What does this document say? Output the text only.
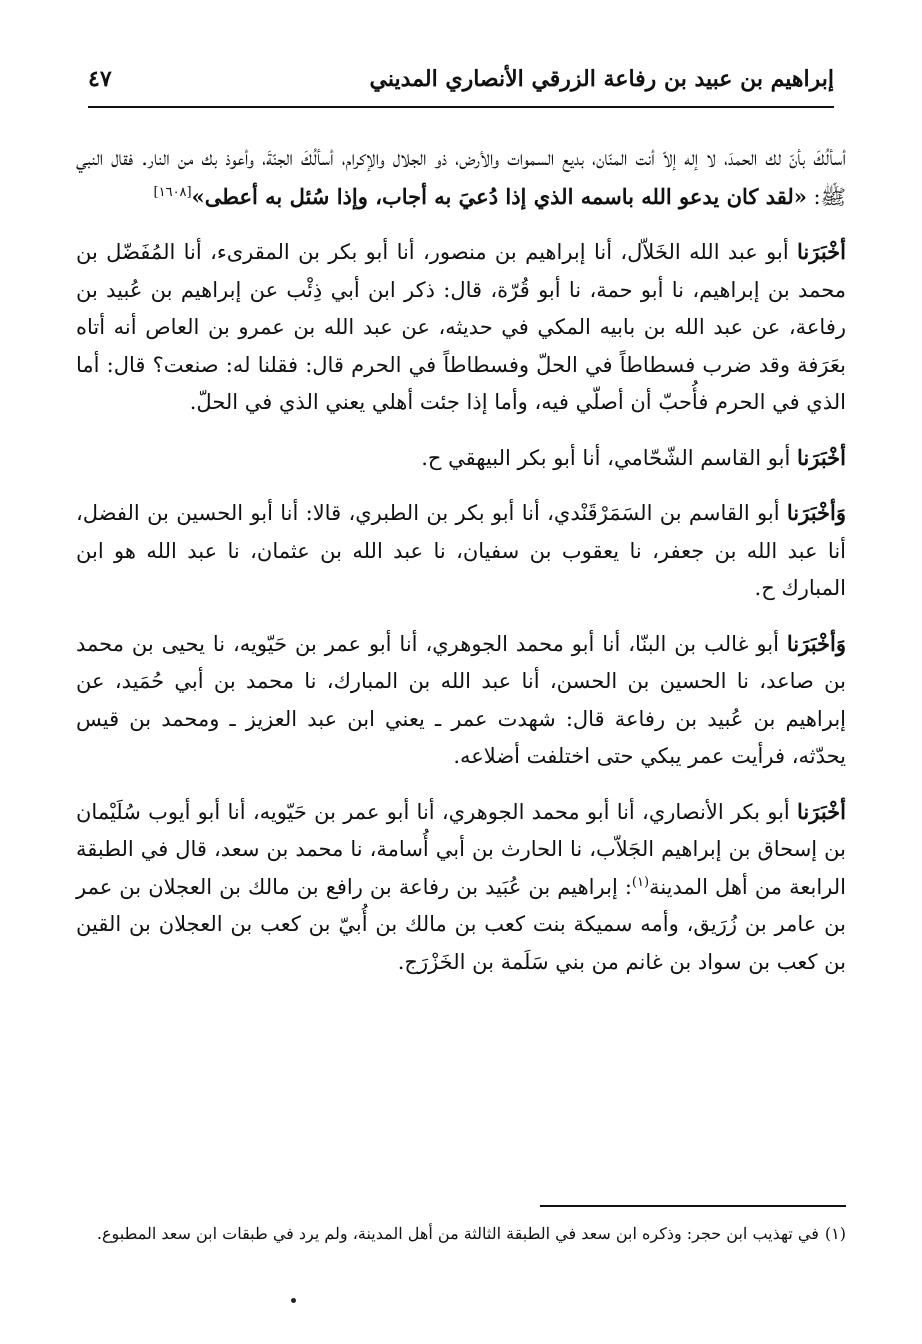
إبراهيم بن عبيد بن رفاعة الزرقي الأنصاري المديني
٤٧

أسألُكَ بأنّ لك الحمدَ، لا إله إلاّ أنت المنّان، بديع السموات والأرض، ذو الجلال والإكرام، أسألُكَ الجنّةَ، وأعوذ بك من النار. فقال النبي ﷺ: «لقد كان يدعو الله باسمه الذي إذا دُعيَ به أجاب، وإذا سُئل به أعطى»[١٦٠٨]

أخْبَرَنا أبو عبد الله الخَلاّل، أنا إبراهيم بن منصور، أنا أبو بكر بن المقرىء، أنا المُفَضّل بن محمد بن إبراهيم، نا أبو حمة، نا أبو قُرّة، قال: ذكر ابن أبي ذِئْب عن إبراهيم بن عُبيد بن رفاعة، عن عبد الله بن بابيه المكي في حديثه، عن عبد الله بن عمرو بن العاص أنه أتاه بعَرَفة وقد ضرب فسطاطاً في الحلّ وفسطاطاً في الحرم قال: فقلنا له: صنعت؟ قال: أما الذي في الحرم فأُحبّ أن أصلّي فيه، وأما إذا جئت أهلي يعني الذي في الحلّ.

أخْبَرَنا أبو القاسم الشّحّامي، أنا أبو بكر البيهقي ح.

وَأخْبَرَنا أبو القاسم بن السَمَرْقَنْدي، أنا أبو بكر بن الطبري، قالا: أنا أبو الحسين بن الفضل، أنا عبد الله بن جعفر، نا يعقوب بن سفيان، نا عبد الله بن عثمان، نا عبد الله هو ابن المبارك ح.

وَأخْبَرَنا أبو غالب بن البنّا، أنا أبو محمد الجوهري، أنا أبو عمر بن حَيّويه، نا يحيى بن محمد بن صاعد، نا الحسين بن الحسن، أنا عبد الله بن المبارك، نا محمد بن أبي حُمَيد، عن إبراهيم بن عُبيد بن رفاعة قال: شهدت عمر ـ يعني ابن عبد العزيز ـ ومحمد بن قيس يحدّثه، فرأيت عمر يبكي حتى اختلفت أضلاعه.

أخْبَرَنا أبو بكر الأنصاري، أنا أبو محمد الجوهري، أنا أبو عمر بن حَيّويه، أنا أبو أيوب سُلَيْمان بن إسحاق بن إبراهيم الجَلاّب، نا الحارث بن أبي أُسامة، نا محمد بن سعد، قال في الطبقة الرابعة من أهل المدينة$^{(١)}$: إبراهيم بن عُبَيد بن رفاعة بن رافع بن مالك بن العجلان بن عمر بن عامر بن زُرَيق، وأمه سميكة بنت كعب بن مالك بن أُبيّ بن كعب بن العجلان بن القين بن كعب بن سواد بن غانم من بني سَلَمة بن الخَزْرَج.

(١)في تهذيب ابن حجر: وذكره ابن سعد في الطبقة الثالثة من أهل المدينة، ولم يرد في طبقات ابن سعد المطبوع.
